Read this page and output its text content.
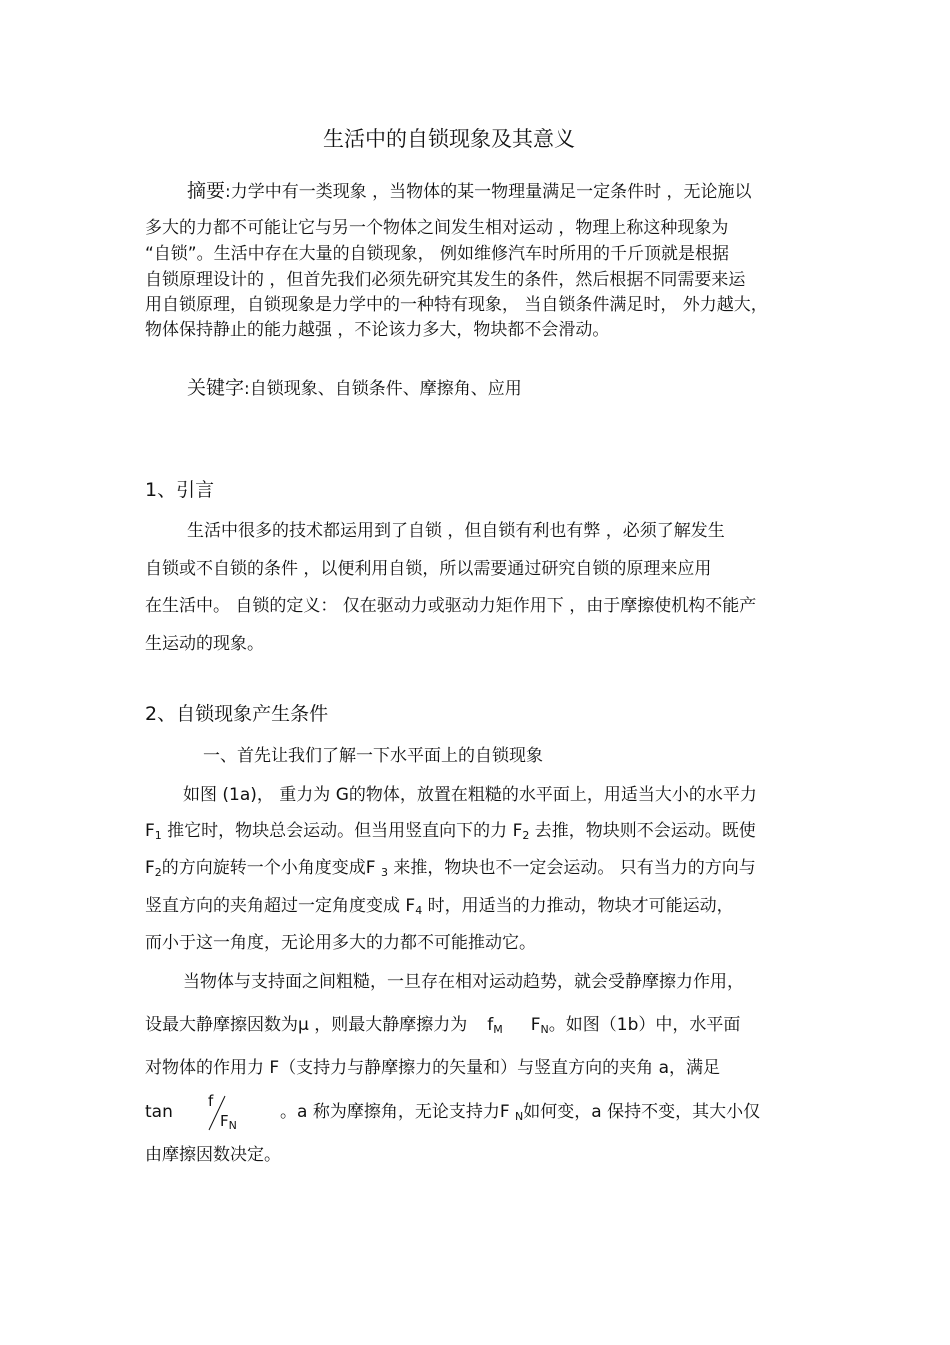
生活中的自锁现象及其意义
摘要:力学中有一类现象 ，当物体的某一物理量满足一定条件时 ，无论施以
多大的力都不可能让它与另一个物体之间发生相对运动 ，物理上称这种现象为
“自锁”。生活中存在大量的自锁现象， 例如维修汽车时所用的千斤顶就是根据
自锁原理设计的 ，但首先我们必须先研究其发生的条件，然后根据不同需要来运
用自锁原理，自锁现象是力学中的一种特有现象， 当自锁条件满足时， 外力越大，
物体保持静止的能力越强 ，不论该力多大，物块都不会滑动。
关键字:自锁现象、自锁条件、摩擦角、应用
1、引言
生活中很多的技术都运用到了自锁 ，但自锁有利也有弊 ，必须了解发生
自锁或不自锁的条件 ，以便利用自锁，所以需要通过研究自锁的原理来应用
在生活中。 自锁的定义： 仅在驱动力或驱动力矩作用下 ，由于摩擦使机构不能产
生运动的现象。
2、自锁现象产生条件
一、首先让我们了解一下水平面上的自锁现象
如图 (1a)， 重力为 G的物体，放置在粗糙的水平面上，用适当大小的水平力
$F_1$ 推它时，物块总会运动。但当用竖直向下的力 $F_2$ 去推，物块则不会运动。既使
$F_2$的方向旋转一个小角度变成F $_3$ 来推，物块也不一定会运动。 只有当力的方向与
竖直方向的夹角超过一定角度变成 $F_4$ 时，用适当的力推动，物块才可能运动，
而小于这一角度，无论用多大的力都不可能推动它。
当物体与支持面之间粗糙，一旦存在相对运动趋势，就会受静摩擦力作用，
设最大静摩擦因数为μ ，则最大静摩擦力为 $f_M$ $F_N$。如图（1b）中，水平面
对物体的作用力 F（支持力与静摩擦力的矢量和）与竖直方向的夹角 a，满足
tan
f
$F_N$
。a 称为摩擦角，无论支持力F $_N$如何变，a 保持不变，其大小仅
由摩擦因数决定。
